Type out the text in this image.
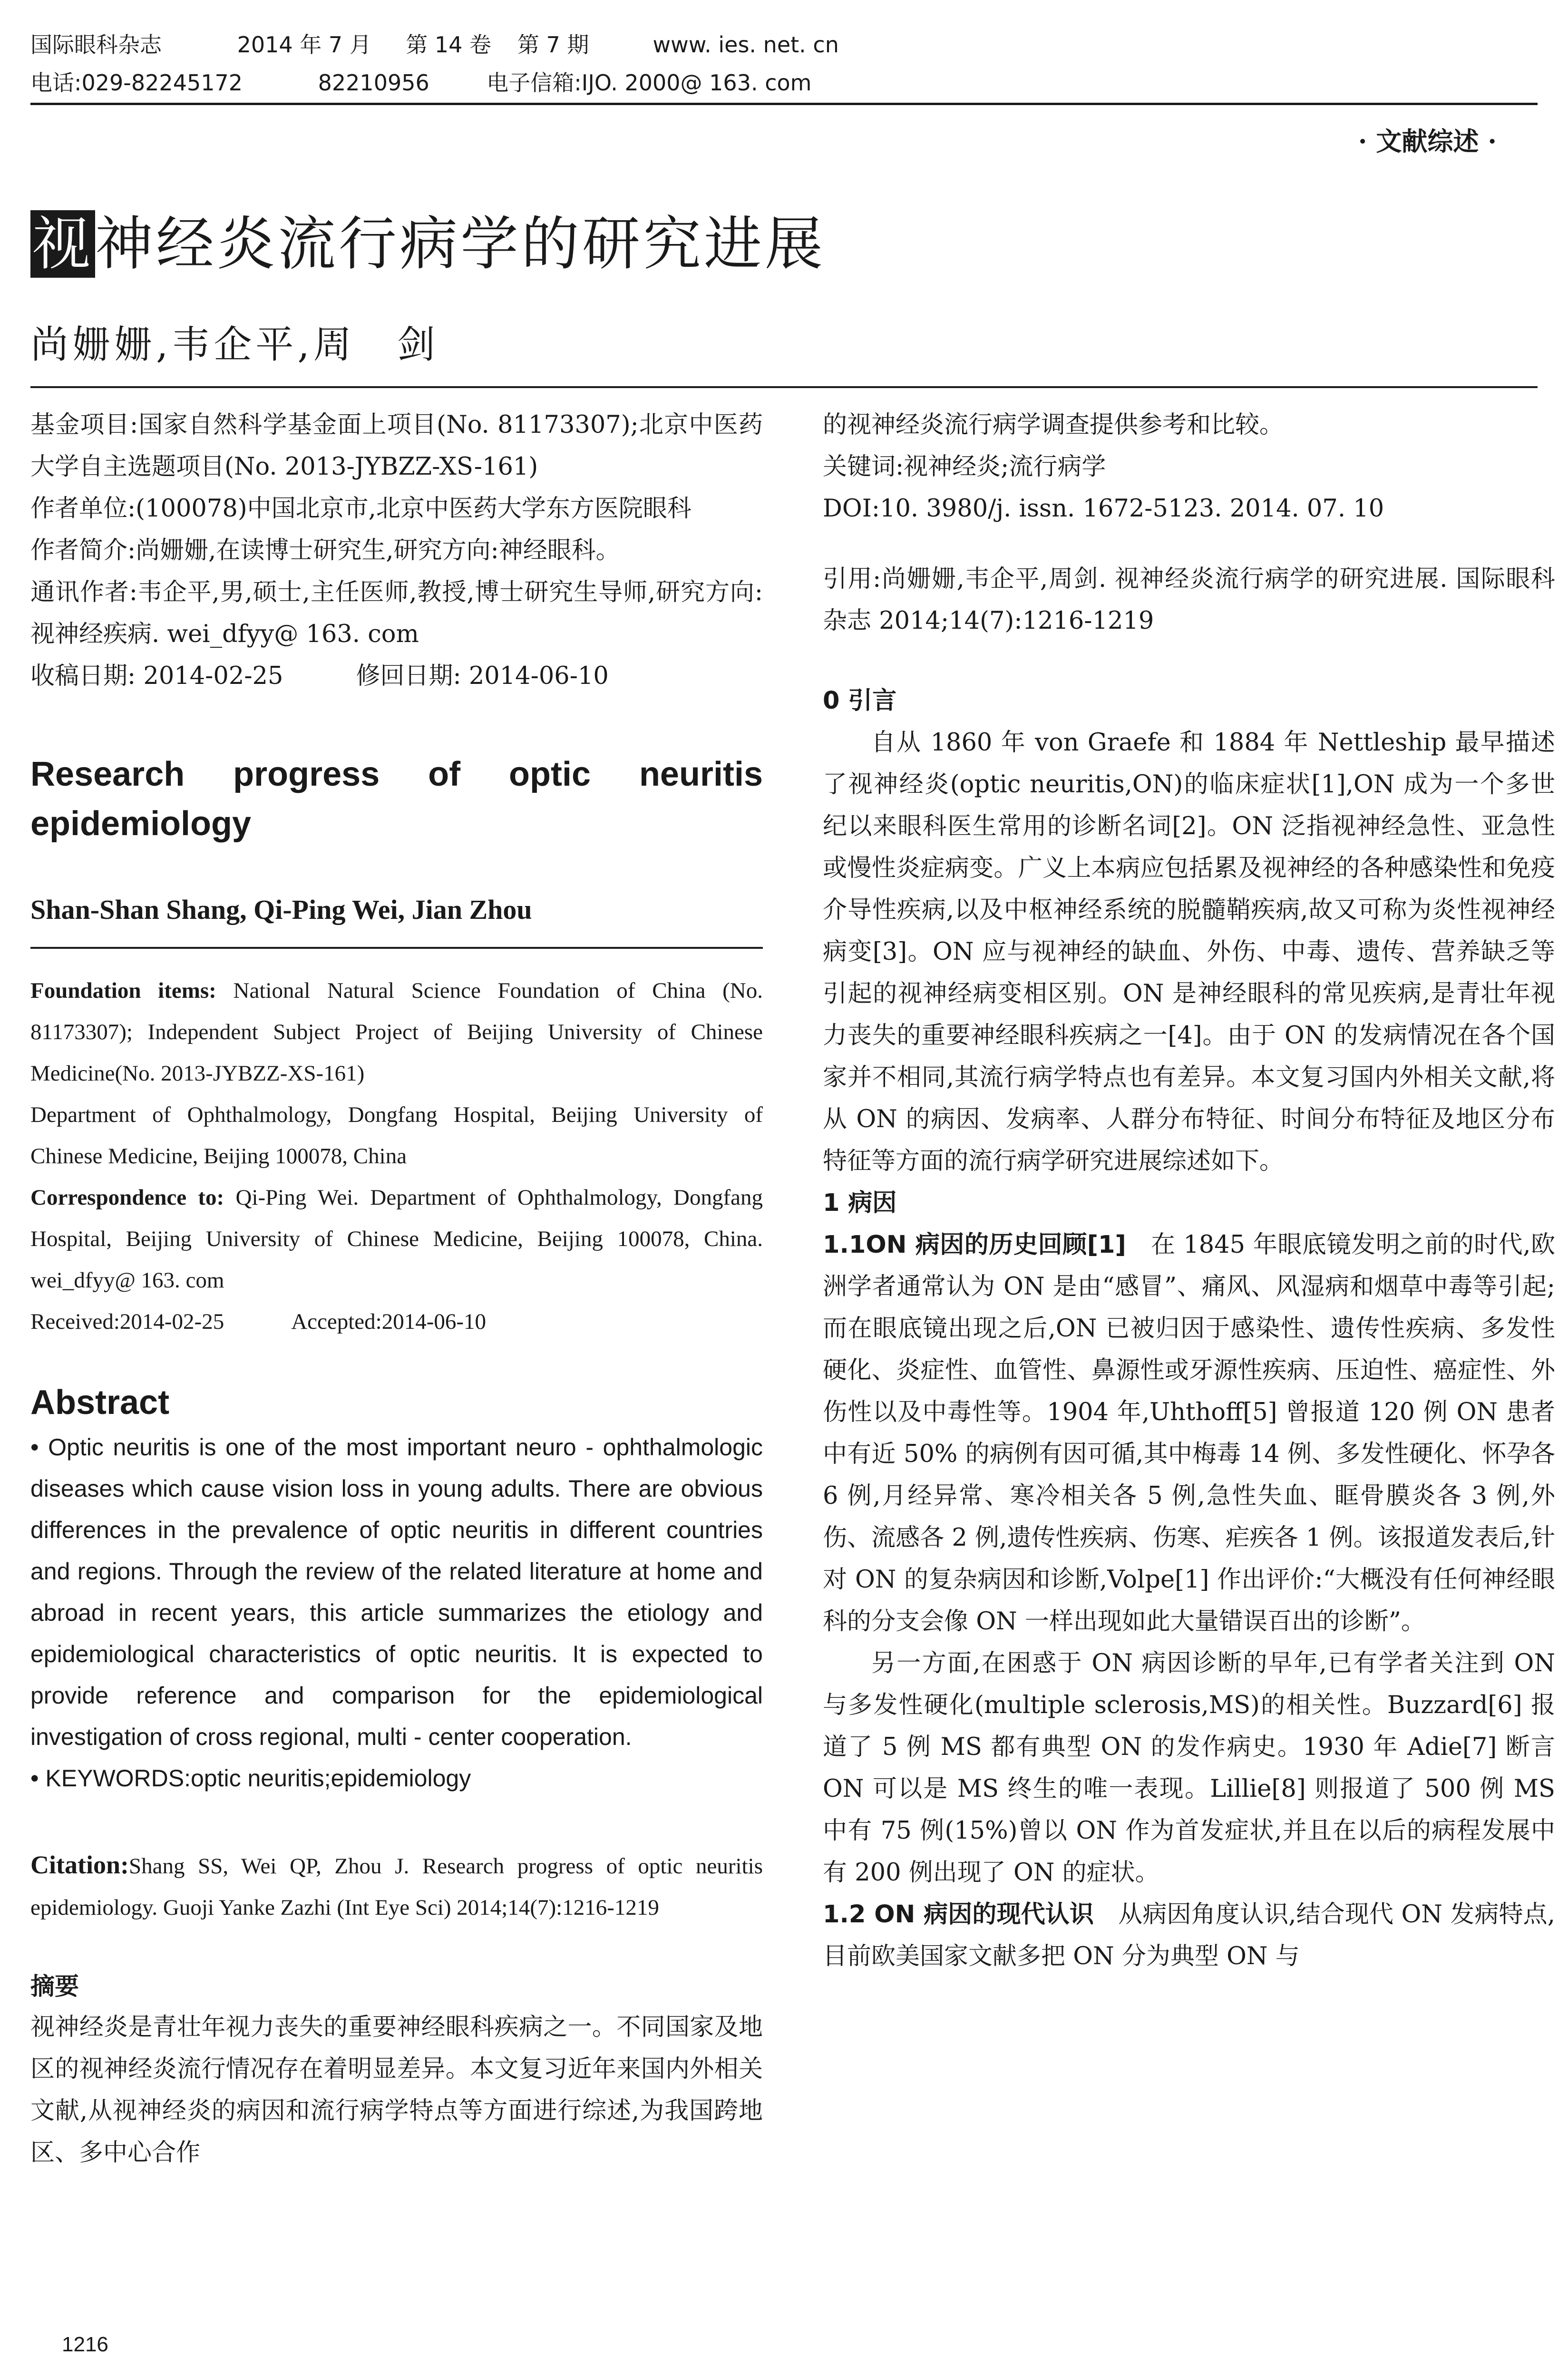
国际眼科杂志	2014 年 7 月 第 14 卷 第 7 期	www. ies. net. cn
电话:029-82245172	82210956	电子信箱:IJO. 2000@ 163. com
· 文献综述 ·
视神经炎流行病学的研究进展
尚姗姗,韦企平,周　剑

基金项目:国家自然科学基金面上项目(No. 81173307);北京中医药大学自主选题项目(No. 2013-JYBZZ-XS-161)

作者单位:(100078)中国北京市,北京中医药大学东方医院眼科

作者简介:尚姗姗,在读博士研究生,研究方向:神经眼科。

通讯作者:韦企平,男,硕士,主任医师,教授,博士研究生导师,研究方向:视神经疾病. wei_dfyy@ 163. com

收稿日期: 2014-02-25　　　修回日期: 2014-06-10

Research progress of optic neuritis epidemiology
Shan-Shan Shang, Qi-Ping Wei, Jian Zhou

Foundation items: National Natural Science Foundation of China (No. 81173307); Independent Subject Project of Beijing University of Chinese Medicine(No. 2013-JYBZZ-XS-161)

Department of Ophthalmology, Dongfang Hospital, Beijing University of Chinese Medicine, Beijing 100078, China

Correspondence to: Qi-Ping Wei. Department of Ophthalmology, Dongfang Hospital, Beijing University of Chinese Medicine, Beijing 100078, China. wei_dfyy@ 163. com

Received:2014-02-25　　　Accepted:2014-06-10

Abstract

• Optic neuritis is one of the most important neuro - ophthalmologic diseases which cause vision loss in young adults. There are obvious differences in the prevalence of optic neuritis in different countries and regions. Through the review of the related literature at home and abroad in recent years, this article summarizes the etiology and epidemiological characteristics of optic neuritis. It is expected to provide reference and comparison for the epidemiological investigation of cross regional, multi - center cooperation.

• KEYWORDS:optic neuritis;epidemiology

Citation:Shang SS, Wei QP, Zhou J. Research progress of optic neuritis epidemiology. Guoji Yanke Zazhi (Int Eye Sci) 2014;14(7):1216-1219

摘要

视神经炎是青壮年视力丧失的重要神经眼科疾病之一。不同国家及地区的视神经炎流行情况存在着明显差异。本文复习近年来国内外相关文献,从视神经炎的病因和流行病学特点等方面进行综述,为我国跨地区、多中心合作

的视神经炎流行病学调查提供参考和比较。

关键词:视神经炎;流行病学

DOI:10. 3980/j. issn. 1672-5123. 2014. 07. 10

引用:尚姗姗,韦企平,周剑. 视神经炎流行病学的研究进展. 国际眼科杂志 2014;14(7):1216-1219

0 引言

自从 1860 年 von Graefe 和 1884 年 Nettleship 最早描述了视神经炎(optic neuritis,ON)的临床症状[1],ON 成为一个多世纪以来眼科医生常用的诊断名词[2]。ON 泛指视神经急性、亚急性或慢性炎症病变。广义上本病应包括累及视神经的各种感染性和免疫介导性疾病,以及中枢神经系统的脱髓鞘疾病,故又可称为炎性视神经病变[3]。ON 应与视神经的缺血、外伤、中毒、遗传、营养缺乏等引起的视神经病变相区别。ON 是神经眼科的常见疾病,是青壮年视力丧失的重要神经眼科疾病之一[4]。由于 ON 的发病情况在各个国家并不相同,其流行病学特点也有差异。本文复习国内外相关文献,将从 ON 的病因、发病率、人群分布特征、时间分布特征及地区分布特征等方面的流行病学研究进展综述如下。

1 病因

1.1ON 病因的历史回顾[1]　在 1845 年眼底镜发明之前的时代,欧洲学者通常认为 ON 是由“感冒”、痛风、风湿病和烟草中毒等引起;而在眼底镜出现之后,ON 已被归因于感染性、遗传性疾病、多发性硬化、炎症性、血管性、鼻源性或牙源性疾病、压迫性、癌症性、外伤性以及中毒性等。1904 年,Uhthoff[5] 曾报道 120 例 ON 患者中有近 50% 的病例有因可循,其中梅毒 14 例、多发性硬化、怀孕各 6 例,月经异常、寒冷相关各 5 例,急性失血、眶骨膜炎各 3 例,外伤、流感各 2 例,遗传性疾病、伤寒、疟疾各 1 例。该报道发表后,针对 ON 的复杂病因和诊断,Volpe[1] 作出评价:“大概没有任何神经眼科的分支会像 ON 一样出现如此大量错误百出的诊断”。

另一方面,在困惑于 ON 病因诊断的早年,已有学者关注到 ON 与多发性硬化(multiple sclerosis,MS)的相关性。Buzzard[6] 报道了 5 例 MS 都有典型 ON 的发作病史。1930 年 Adie[7] 断言 ON 可以是 MS 终生的唯一表现。Lillie[8] 则报道了 500 例 MS 中有 75 例(15%)曾以 ON 作为首发症状,并且在以后的病程发展中有 200 例出现了 ON 的症状。

1.2 ON 病因的现代认识　从病因角度认识,结合现代 ON 发病特点,目前欧美国家文献多把 ON 分为典型 ON 与

1216
